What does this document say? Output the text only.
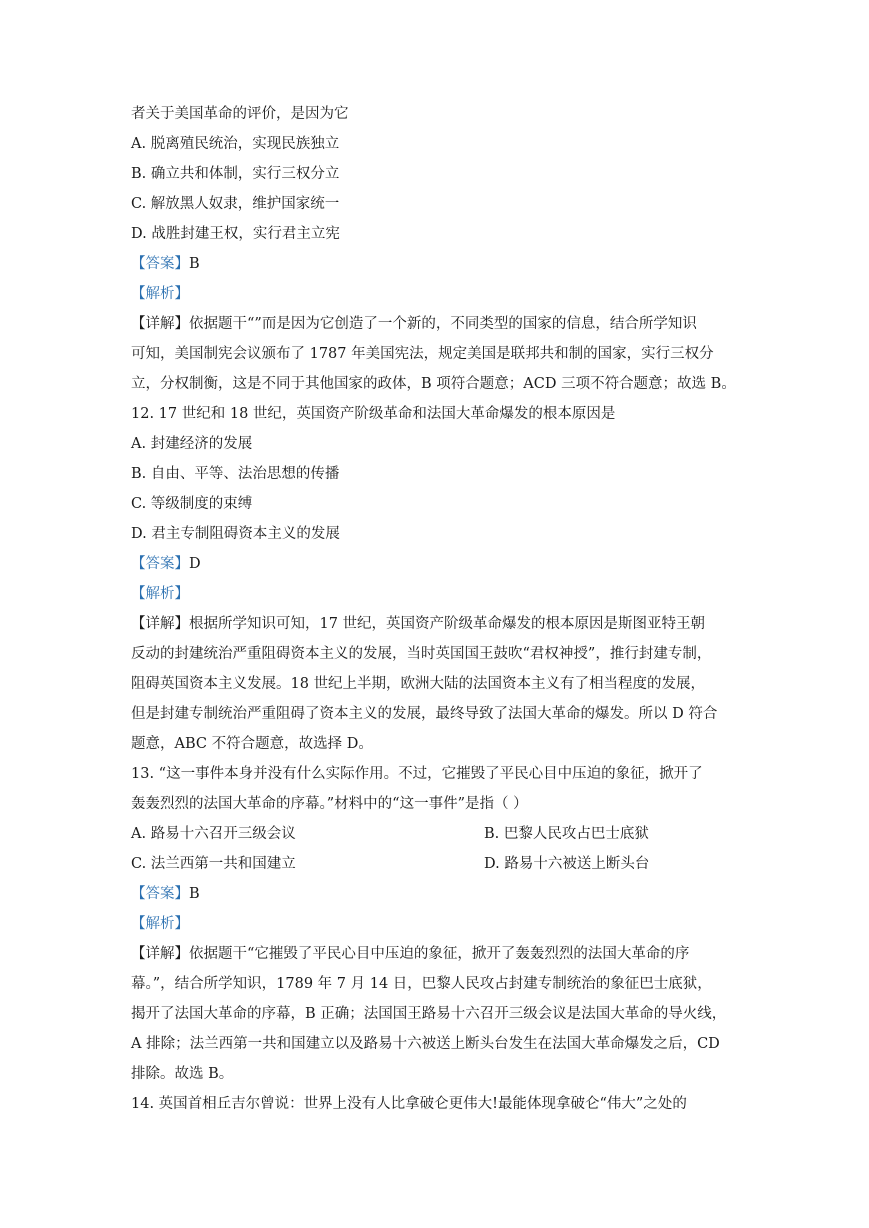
者关于美国革命的评价，是因为它
A. 脱离殖民统治，实现民族独立
B. 确立共和体制，实行三权分立
C. 解放黑人奴隶，维护国家统一
D. 战胜封建王权，实行君主立宪
【答案】B
【解析】
【详解】依据题干“”而是因为它创造了一个新的，不同类型的国家的信息，结合所学知识
可知，美国制宪会议颁布了 1787 年美国宪法，规定美国是联邦共和制的国家，实行三权分
立，分权制衡，这是不同于其他国家的政体，B 项符合题意；ACD 三项不符合题意；故选 B。
12. 17 世纪和 18 世纪，英国资产阶级革命和法国大革命爆发的根本原因是
A. 封建经济的发展
B. 自由、平等、法治思想的传播
C. 等级制度的束缚
D. 君主专制阻碍资本主义的发展
【答案】D
【解析】
【详解】根据所学知识可知，17 世纪，英国资产阶级革命爆发的根本原因是斯图亚特王朝
反动的封建统治严重阻碍资本主义的发展，当时英国国王鼓吹“君权神授”，推行封建专制，
阻碍英国资本主义发展。18 世纪上半期，欧洲大陆的法国资本主义有了相当程度的发展，
但是封建专制统治严重阻碍了资本主义的发展，最终导致了法国大革命的爆发。所以 D 符合
题意，ABC 不符合题意，故选择 D。
13. “这一事件本身并没有什么实际作用。不过，它摧毁了平民心目中压迫的象征，掀开了
轰轰烈烈的法国大革命的序幕。”材料中的“这一事件”是指（ ）
A. 路易十六召开三级会议	B. 巴黎人民攻占巴士底狱
C. 法兰西第一共和国建立	D. 路易十六被送上断头台
【答案】B
【解析】
【详解】依据题干“它摧毁了平民心目中压迫的象征，掀开了轰轰烈烈的法国大革命的序
幕。”，结合所学知识，1789 年 7 月 14 日，巴黎人民攻占封建专制统治的象征巴士底狱，
揭开了法国大革命的序幕，B 正确；法国国王路易十六召开三级会议是法国大革命的导火线，
A 排除；法兰西第一共和国建立以及路易十六被送上断头台发生在法国大革命爆发之后，CD
排除。故选 B。
14. 英国首相丘吉尔曾说：世界上没有人比拿破仑更伟大!最能体现拿破仑“伟大”之处的
